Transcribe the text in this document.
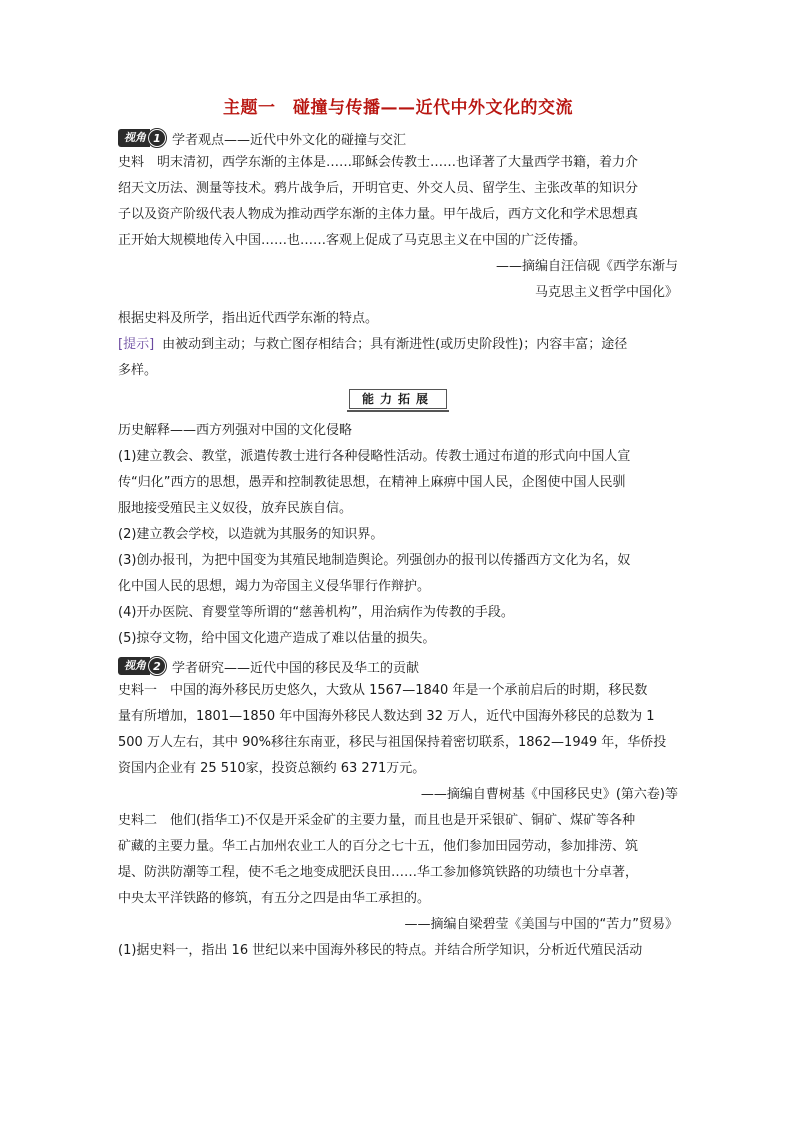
主题一　碰撞与传播——近代中外文化的交流
视角 1 学者观点——近代中外文化的碰撞与交汇

史料　明末清初，西学东渐的主体是……耶稣会传教士……也译著了大量西学书籍，着力介

绍天文历法、测量等技术。鸦片战争后，开明官吏、外交人员、留学生、主张改革的知识分

子以及资产阶级代表人物成为推动西学东渐的主体力量。甲午战后，西方文化和学术思想真

正开始大规模地传入中国……也……客观上促成了马克思主义在中国的广泛传播。

——摘编自汪信砚《西学东渐与

马克思主义哲学中国化》

根据史料及所学，指出近代西学东渐的特点。

[提示] 由被动到主动；与救亡图存相结合；具有渐进性(或历史阶段性)；内容丰富；途径

多样。

能力拓展

历史解释——西方列强对中国的文化侵略

(1)建立教会、教堂，派遣传教士进行各种侵略性活动。传教士通过布道的形式向中国人宣

传“归化”西方的思想，愚弄和控制教徒思想，在精神上麻痹中国人民，企图使中国人民驯

服地接受殖民主义奴役，放弃民族自信。

(2)建立教会学校，以造就为其服务的知识界。

(3)创办报刊，为把中国变为其殖民地制造舆论。列强创办的报刊以传播西方文化为名，奴

化中国人民的思想，竭力为帝国主义侵华罪行作辩护。

(4)开办医院、育婴堂等所谓的“慈善机构”，用治病作为传教的手段。

(5)掠夺文物，给中国文化遗产造成了难以估量的损失。

视角 2 学者研究——近代中国的移民及华工的贡献

史料一　中国的海外移民历史悠久，大致从 1567—1840 年是一个承前启后的时期，移民数

量有所增加，1801—1850 年中国海外移民人数达到 32 万人，近代中国海外移民的总数为 1

500 万人左右，其中 90%移往东南亚，移民与祖国保持着密切联系，1862—1949 年，华侨投

资国内企业有 25 510家，投资总额约 63 271万元。

——摘编自曹树基《中国移民史》(第六卷)等

史料二　他们(指华工)不仅是开采金矿的主要力量，而且也是开采银矿、铜矿、煤矿等各种

矿藏的主要力量。华工占加州农业工人的百分之七十五，他们参加田园劳动，参加排涝、筑

堤、防洪防潮等工程，使不毛之地变成肥沃良田……华工参加修筑铁路的功绩也十分卓著，

中央太平洋铁路的修筑，有五分之四是由华工承担的。

——摘编自梁碧莹《美国与中国的“苦力”贸易》

(1)据史料一，指出 16 世纪以来中国海外移民的特点。并结合所学知识，分析近代殖民活动
